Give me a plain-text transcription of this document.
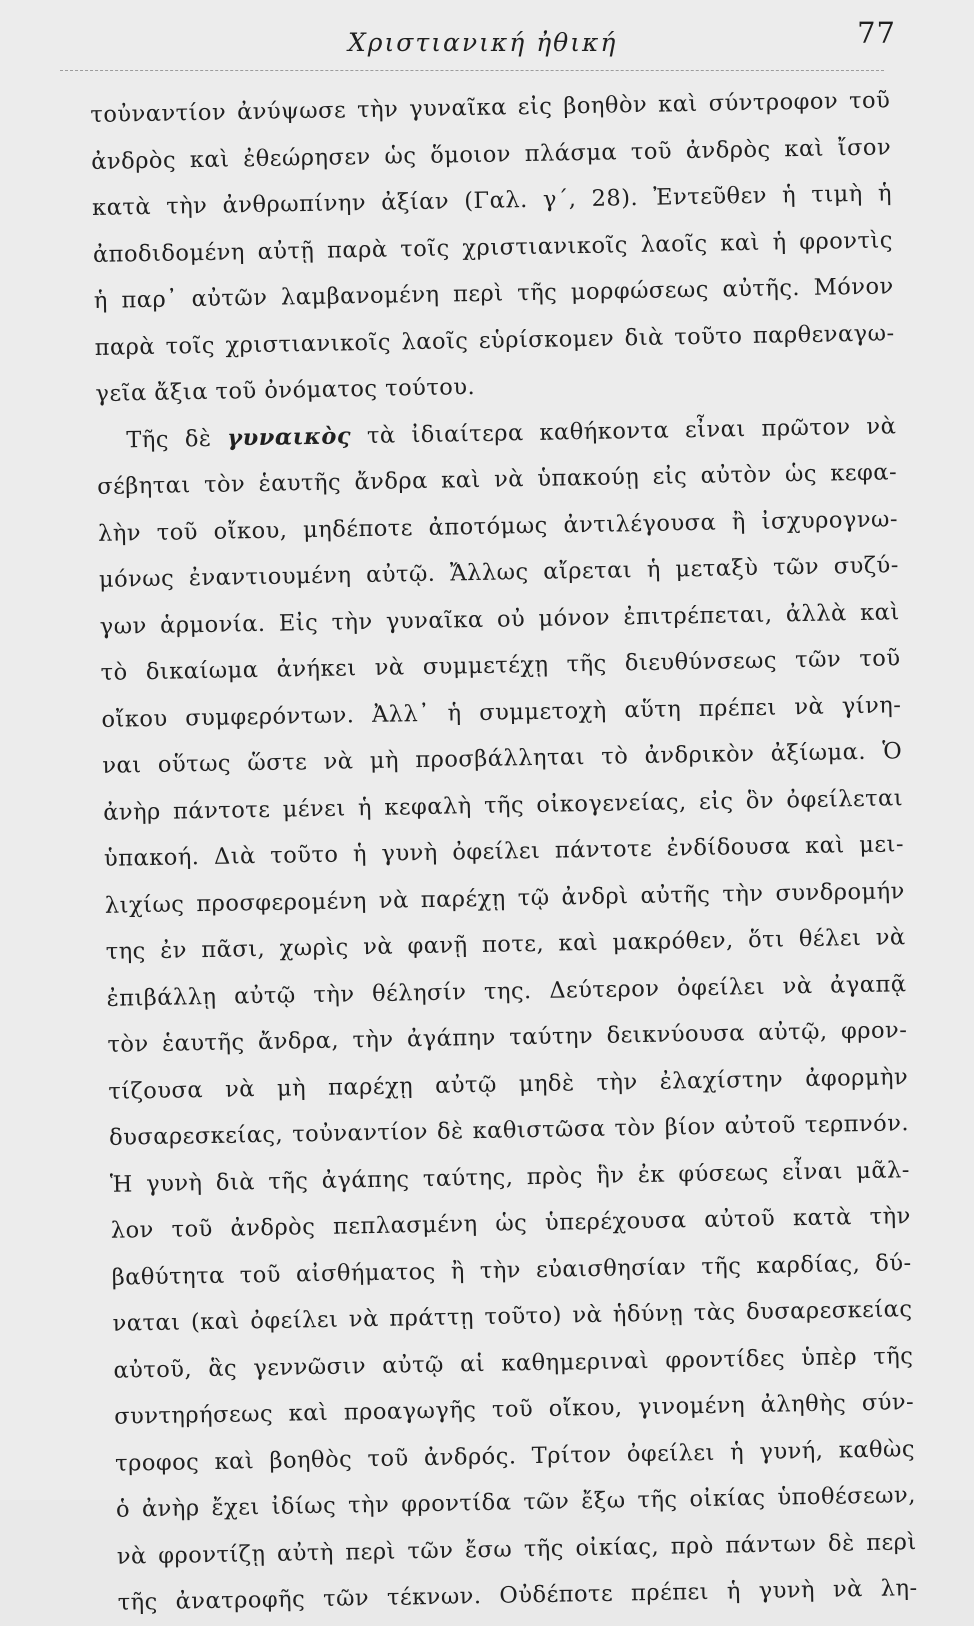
Χριστιανική ἠθική	77
τοὐναντίον ἀνύψωσε τὴν γυναῖκα εἰς βοηθὸν καὶ σύντροφον τοῦ
ἀνδρὸς καὶ ἐθεώρησεν ὡς ὅμοιον πλάσμα τοῦ ἀνδρὸς καὶ ἴσον
κατὰ τὴν ἀνθρωπίνην ἀξίαν (Γαλ. γ´, 28). Ἐντεῦθεν ἡ τιμὴ ἡ
ἀποδιδομένη αὐτῇ παρὰ τοῖς χριστιανικοῖς λαοῖς καὶ ἡ φροντὶς
ἡ παρ᾽ αὐτῶν λαμβανομένη περὶ τῆς μορφώσεως αὐτῆς. Μόνον
παρὰ τοῖς χριστιανικοῖς λαοῖς εὑρίσκομεν διὰ τοῦτο παρθεναγω-
γεῖα ἄξια τοῦ ὀνόματος τούτου.
Τῆς δὲ γυναικὸς τὰ ἰδιαίτερα καθήκοντα εἶναι πρῶτον νὰ
σέβηται τὸν ἑαυτῆς ἄνδρα καὶ νὰ ὑπακούῃ εἰς αὐτὸν ὡς κεφα-
λὴν τοῦ οἴκου, μηδέποτε ἀποτόμως ἀντιλέγουσα ἢ ἰσχυρογνω-
μόνως ἐναντιουμένη αὐτῷ. Ἄλλως αἴρεται ἡ μεταξὺ τῶν συζύ-
γων ἁρμονία. Εἰς τὴν γυναῖκα οὐ μόνον ἐπιτρέπεται, ἀλλὰ καὶ
τὸ δικαίωμα ἀνήκει νὰ συμμετέχῃ τῆς διευθύνσεως τῶν τοῦ
οἴκου συμφερόντων. Ἀλλ᾽ ἡ συμμετοχὴ αὕτη πρέπει νὰ γίνη-
ναι οὕτως ὥστε νὰ μὴ προσβάλληται τὸ ἀνδρικὸν ἀξίωμα. Ὁ
ἀνὴρ πάντοτε μένει ἡ κεφαλὴ τῆς οἰκογενείας, εἰς ὃν ὀφείλεται
ὑπακοή. Διὰ τοῦτο ἡ γυνὴ ὀφείλει πάντοτε ἐνδίδουσα καὶ μει-
λιχίως προσφερομένη νὰ παρέχῃ τῷ ἀνδρὶ αὐτῆς τὴν συνδρομήν
της ἐν πᾶσι, χωρὶς νὰ φανῇ ποτε, καὶ μακρόθεν, ὅτι θέλει νὰ
ἐπιβάλλῃ αὐτῷ τὴν θέλησίν της. Δεύτερον ὀφείλει νὰ ἀγαπᾷ
τὸν ἑαυτῆς ἄνδρα, τὴν ἀγάπην ταύτην δεικνύουσα αὐτῷ, φρον-
τίζουσα νὰ μὴ παρέχῃ αὐτῷ μηδὲ τὴν ἐλαχίστην ἀφορμὴν
δυσαρεσκείας, τοὐναντίον δὲ καθιστῶσα τὸν βίον αὐτοῦ τερπνόν.
Ἡ γυνὴ διὰ τῆς ἀγάπης ταύτης, πρὸς ἣν ἐκ φύσεως εἶναι μᾶλ-
λον τοῦ ἀνδρὸς πεπλασμένη ὡς ὑπερέχουσα αὐτοῦ κατὰ τὴν
βαθύτητα τοῦ αἰσθήματος ἢ τὴν εὐαισθησίαν τῆς καρδίας, δύ-
ναται (καὶ ὀφείλει νὰ πράττῃ τοῦτο) νὰ ἡδύνῃ τὰς δυσαρεσκείας
αὐτοῦ, ἃς γεννῶσιν αὐτῷ αἱ καθημεριναὶ φροντίδες ὑπὲρ τῆς
συντηρήσεως καὶ προαγωγῆς τοῦ οἴκου, γινομένη ἀληθὴς σύν-
τροφος καὶ βοηθὸς τοῦ ἀνδρός. Τρίτον ὀφείλει ἡ γυνή, καθὼς
ὁ ἀνὴρ ἔχει ἰδίως τὴν φροντίδα τῶν ἔξω τῆς οἰκίας ὑποθέσεων,
νὰ φροντίζῃ αὐτὴ περὶ τῶν ἔσω τῆς οἰκίας, πρὸ πάντων δὲ περὶ
τῆς ἀνατροφῆς τῶν τέκνων. Οὐδέποτε πρέπει ἡ γυνὴ νὰ λη-
